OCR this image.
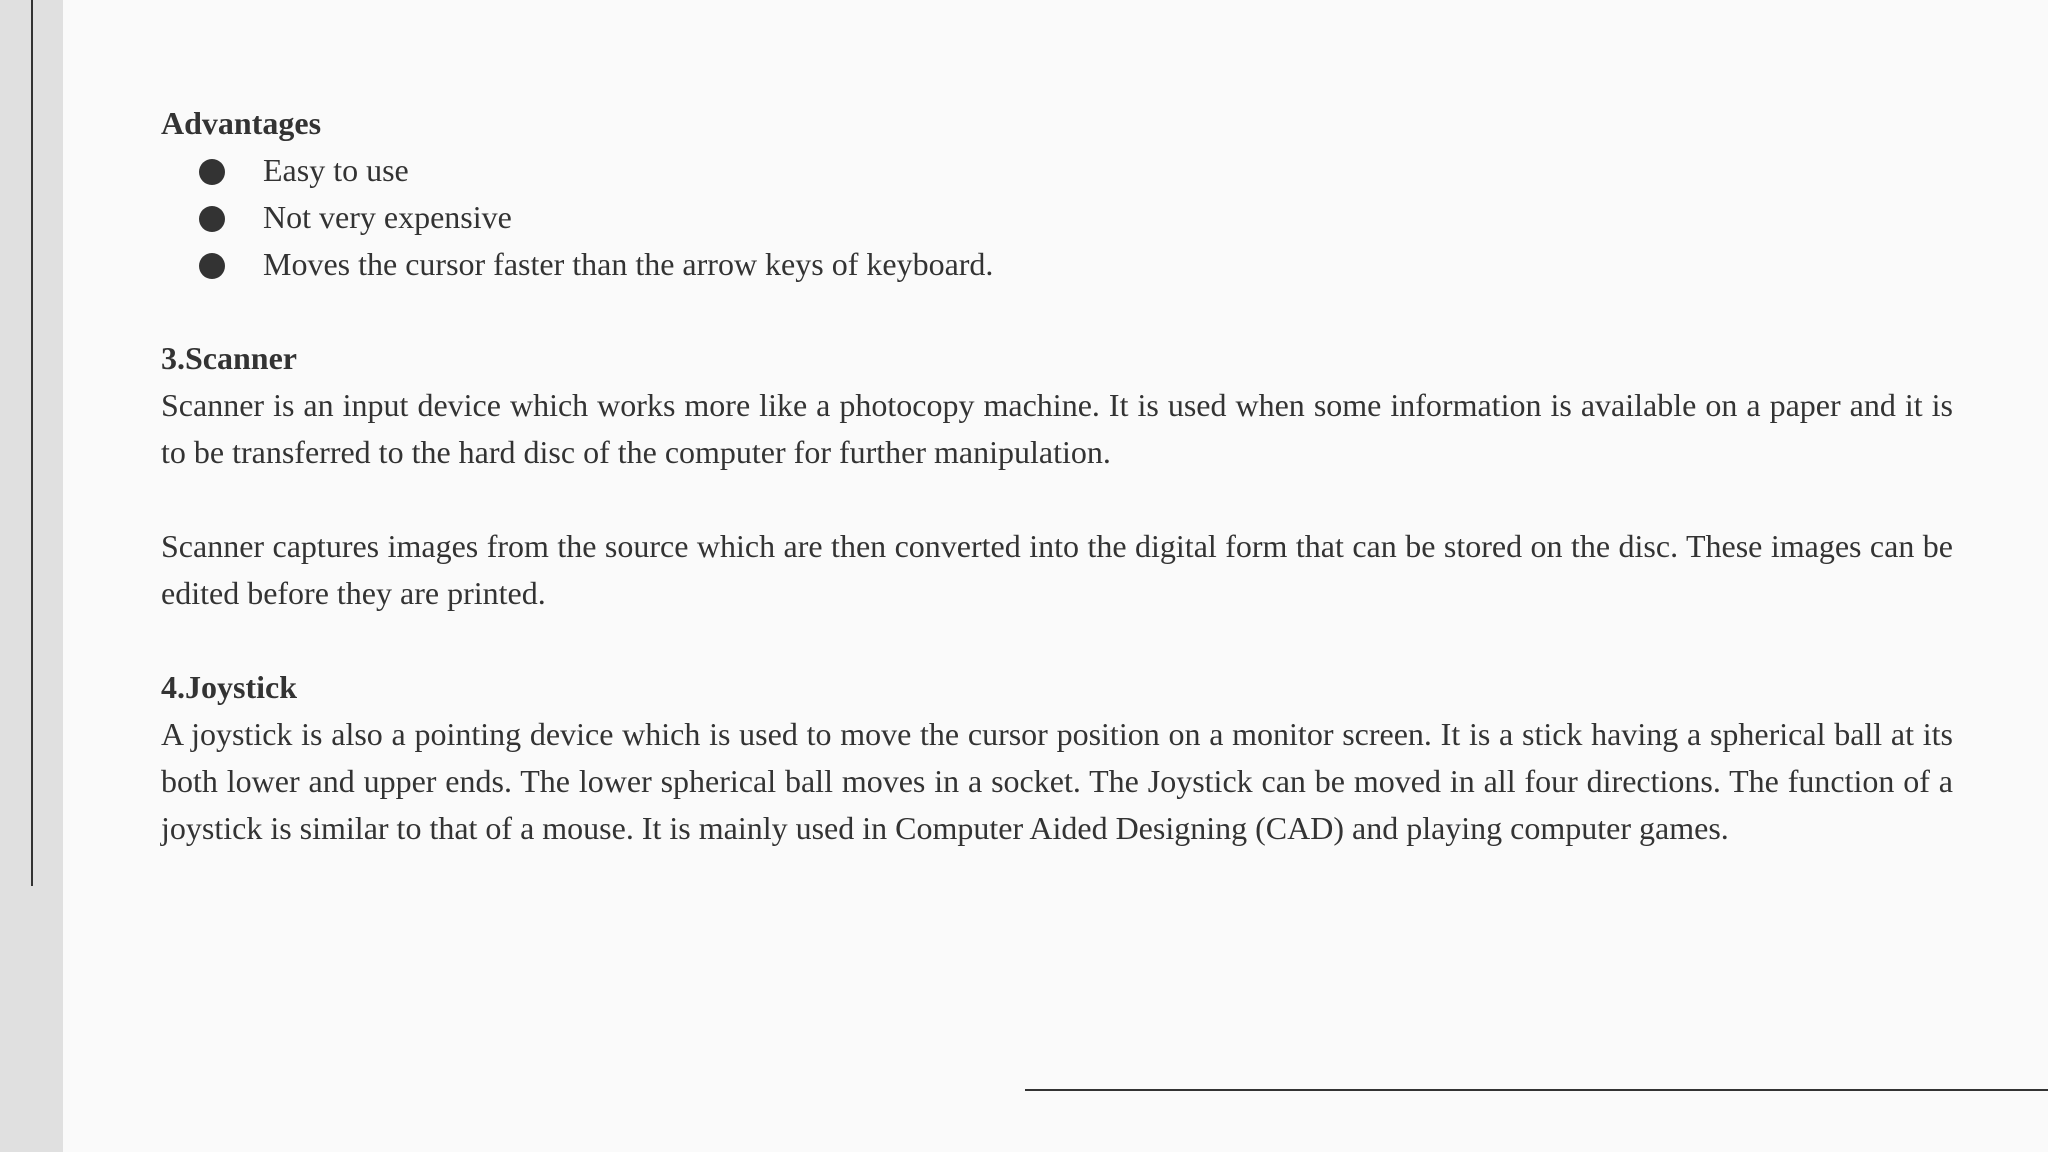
Advantages
Easy to use
Not very expensive
Moves the cursor faster than the arrow keys of keyboard.
3.Scanner

Scanner is an input device which works more like a photocopy machine. It is used when some information is available on a paper and it is to be transferred to the hard disc of the computer for further manipulation.

Scanner captures images from the source which are then converted into the digital form that can be stored on the disc. These images can be edited before they are printed.

4.Joystick

A joystick is also a pointing device which is used to move the cursor position on a monitor screen. It is a stick having a spherical ball at its both lower and upper ends. The lower spherical ball moves in a socket. The Joystick can be moved in all four directions. The function of a joystick is similar to that of a mouse. It is mainly used in Computer Aided Designing (CAD) and playing computer games.
